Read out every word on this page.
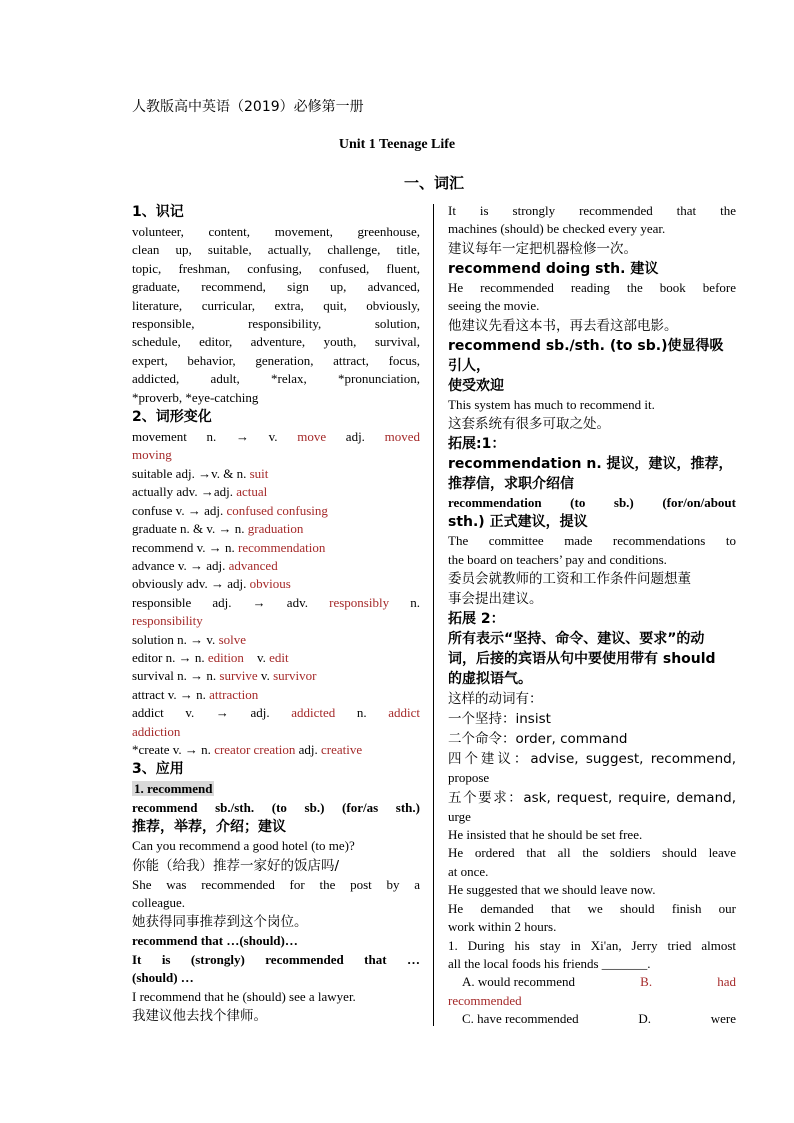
人教版高中英语（2019）必修第一册
Unit 1 Teenage Life
一、词汇

1、识记

volunteer, content, movement, greenhouse,

clean up, suitable, actually, challenge, title,

topic, freshman, confusing, confused, fluent,

graduate, recommend, sign up, advanced,

literature, curricular, extra, quit, obviously,

responsible, responsibility, solution,

schedule, editor, adventure, youth, survival,

expert, behavior, generation, attract, focus,

addicted, adult, *relax, *pronunciation,

*proverb, *eye-catching

2、词形变化

movement n. → v. move adj. moved

moving

suitable adj. →v. & n. suit

actually adv. →adj. actual

confuse v. → adj. confused confusing

graduate n. & v. → n. graduation

recommend v. → n. recommendation

advance v. → adj. advanced

obviously adv. → adj. obvious

responsible adj. → adv. responsibly n.

responsibility

solution n. → v. solve

editor n. → n. edition    v. edit

survival n. → n. survive v. survivor

attract v. → n. attraction

addict v. → adj. addicted n. addict

addiction

*create v. → n. creator creation adj. creative

3、应用

1. recommend

recommend sb./sth. (to sb.) (for/as sth.)

推荐，举荐，介绍；建议

Can you recommend a good hotel (to me)?

你能（给我）推荐一家好的饭店吗/

She was recommended for the post by a

colleague.

她获得同事推荐到这个岗位。

recommend that …(should)…

It is (strongly) recommended that …

(should) …

I recommend that he (should) see a lawyer.

我建议他去找个律师。

It is strongly recommended that the

machines (should) be checked every year.

建议每年一定把机器检修一次。

recommend doing sth. 建议

He recommended reading the book before

seeing the movie.

他建议先看这本书，再去看这部电影。

recommend sb./sth. (to sb.)使显得吸引人，

使受欢迎

This system has much to recommend it.

这套系统有很多可取之处。

拓展:1：

recommendation n. 提议，建议，推荐，

推荐信，求职介绍信

recommendation (to sb.) (for/on/about

sth.) 正式建议，提议

The committee made recommendations to

the board on teachers’ pay and conditions.

委员会就教师的工资和工作条件问题想董

事会提出建议。

拓展 2：

所有表示“坚持、命令、建议、要求”的动

词，后接的宾语从句中要使用带有 should

的虚拟语气。

这样的动词有：

一个坚持：insist

二个命令：order, command

四个建议：advise, suggest, recommend,

propose

五个要求：ask, request, require, demand,

urge

He insisted that he should be set free.

He ordered that all the soldiers should leave

at once.

He suggested that we should leave now.

He demanded that we should finish our

work within 2 hours.

1. During his stay in Xi'an, Jerry tried almost

all the local foods his friends _______.

A. would recommend	B.	had

recommended

C. have recommended	D.	were
